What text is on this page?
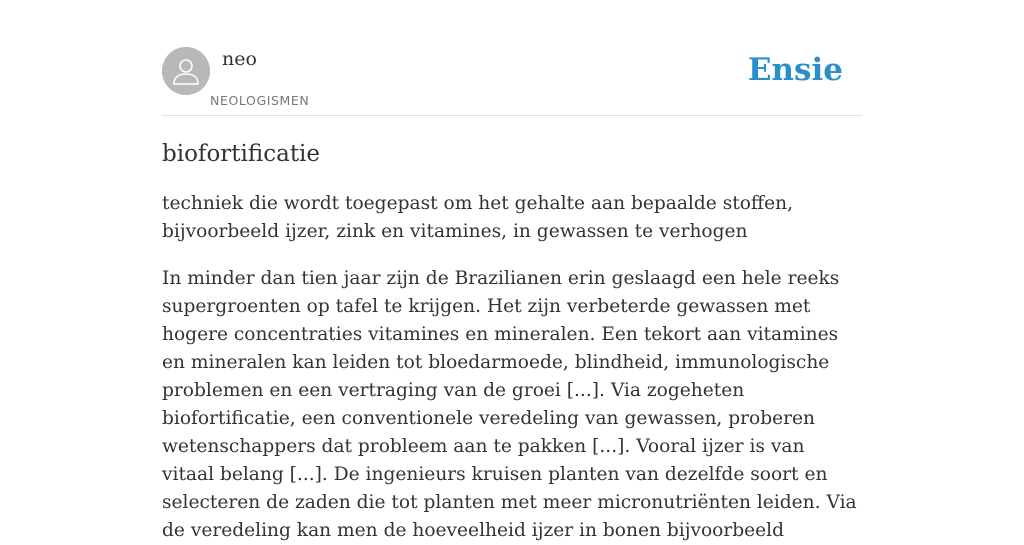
neo
NEOLOGISMEN
Ensie
biofortificatie

techniek die wordt toegepast om het gehalte aan bepaalde stoffen, bijvoorbeeld ijzer, zink en vitamines, in gewassen te verhogen

In minder dan tien jaar zijn de Brazilianen erin geslaagd een hele reeks supergroenten op tafel te krijgen. Het zijn verbeterde gewassen met hogere concentraties vitamines en mineralen. Een tekort aan vitamines en mineralen kan leiden tot bloedarmoede, blindheid, immunologische problemen en een vertraging van de groei [...]. Via zogeheten biofortificatie, een conventionele veredeling van gewassen, proberen wetenschappers dat probleem aan te pakken [...]. Vooral ijzer is van vitaal belang [...]. De ingenieurs kruisen planten van dezelfde soort en selecteren de zaden die tot planten met meer micronutriënten leiden. Via de veredeling kan men de hoeveelheid ijzer in bonen bijvoorbeeld
